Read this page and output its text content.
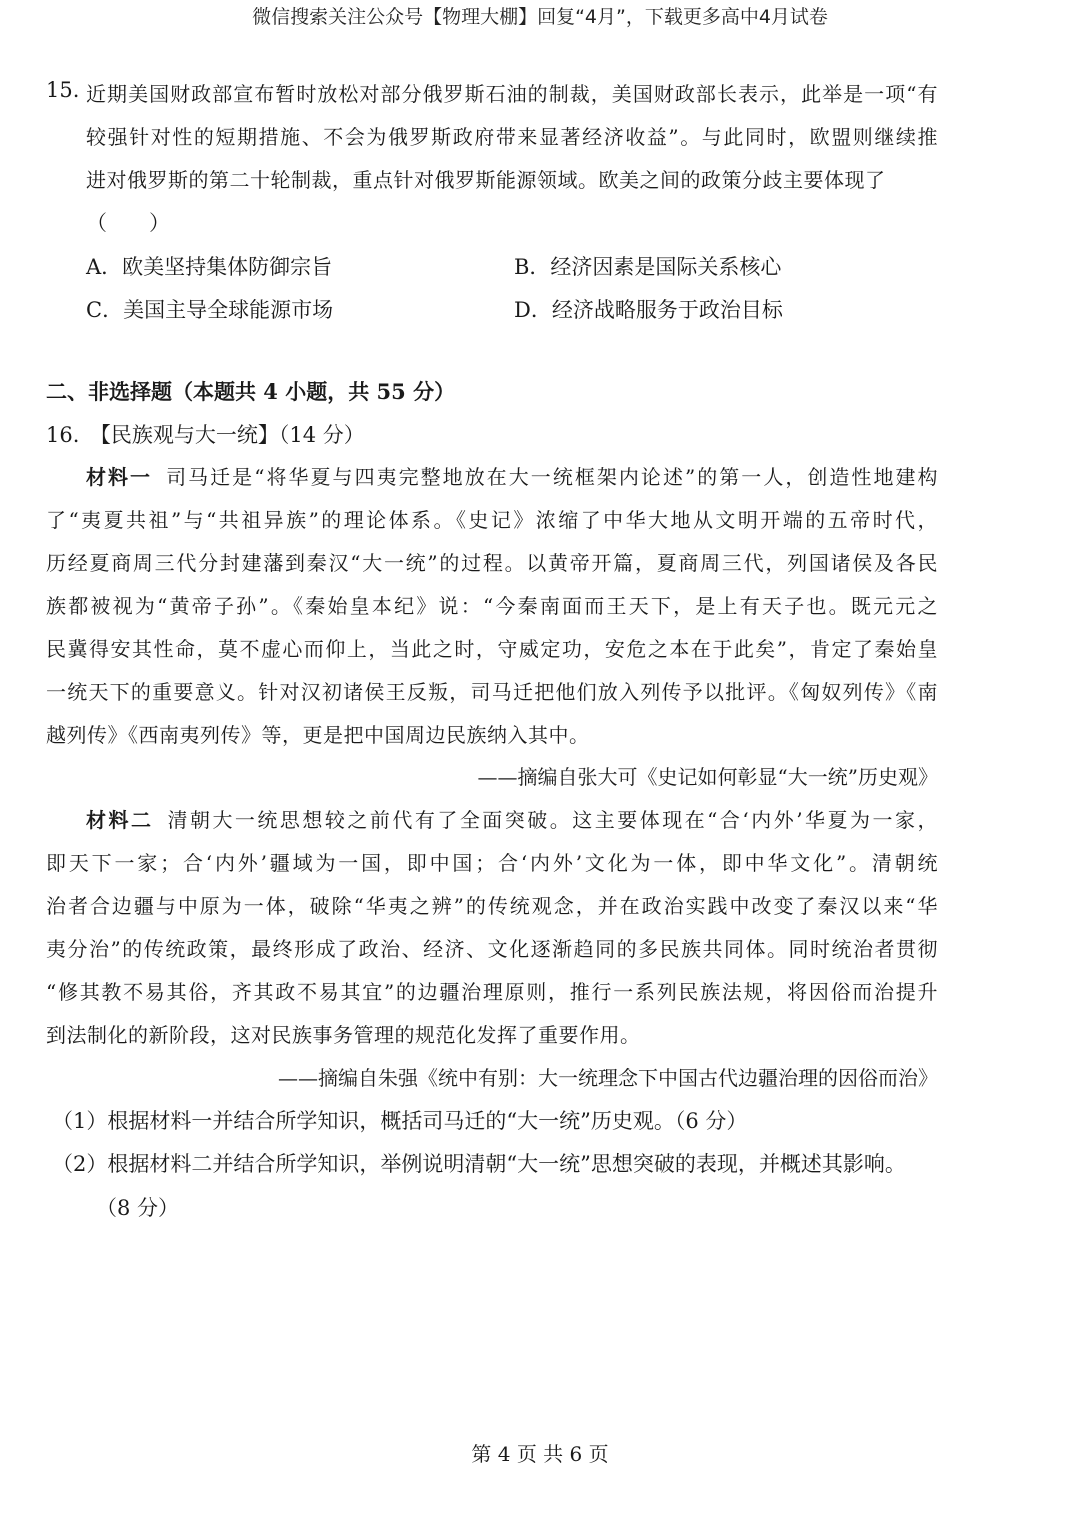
微信搜索关注公众号【物理大棚】回复“4月”，下载更多高中4月试卷
15. 近期美国财政部宣布暂时放松对部分俄罗斯石油的制裁，美国财政部长表示，此举是一项“有
较强针对性的短期措施、不会为俄罗斯政府带来显著经济收益”。与此同时，欧盟则继续推
进对俄罗斯的第二十轮制裁，重点针对俄罗斯能源领域。欧美之间的政策分歧主要体现了
（　　）
A．欧美坚持集体防御宗旨	B．经济因素是国际关系核心
C．美国主导全球能源市场	D．经济战略服务于政治目标
二、非选择题（本题共 4 小题，共 55 分）
16.　【民族观与大一统】（14 分）
材料一 司马迁是“将华夏与四夷完整地放在大一统框架内论述”的第一人，创造性地建构
了“夷夏共祖”与“共祖异族”的理论体系。《史记》浓缩了中华大地从文明开端的五帝时代，
历经夏商周三代分封建藩到秦汉“大一统”的过程。以黄帝开篇，夏商周三代，列国诸侯及各民
族都被视为“黄帝子孙”。《秦始皇本纪》说：“今秦南面而王天下，是上有天子也。既元元之
民冀得安其性命，莫不虚心而仰上，当此之时，守威定功，安危之本在于此矣”，肯定了秦始皇
一统天下的重要意义。针对汉初诸侯王反叛，司马迁把他们放入列传予以批评。《匈奴列传》《南
越列传》《西南夷列传》等，更是把中国周边民族纳入其中。
——摘编自张大可《史记如何彰显“大一统”历史观》
材料二 清朝大一统思想较之前代有了全面突破。这主要体现在“合‘内外’华夏为一家，
即天下一家；合‘内外’疆域为一国，即中国；合‘内外’文化为一体，即中华文化”。清朝统
治者合边疆与中原为一体，破除“华夷之辨”的传统观念，并在政治实践中改变了秦汉以来“华
夷分治”的传统政策，最终形成了政治、经济、文化逐渐趋同的多民族共同体。同时统治者贯彻
“修其教不易其俗，齐其政不易其宜”的边疆治理原则，推行一系列民族法规，将因俗而治提升
到法制化的新阶段，这对民族事务管理的规范化发挥了重要作用。
——摘编自朱强《统中有别：大一统理念下中国古代边疆治理的因俗而治》
（1）根据材料一并结合所学知识，概括司马迁的“大一统”历史观。（6 分）
（2）根据材料二并结合所学知识，举例说明清朝“大一统”思想突破的表现，并概述其影响。
（8 分）
第 4 页 共 6 页
